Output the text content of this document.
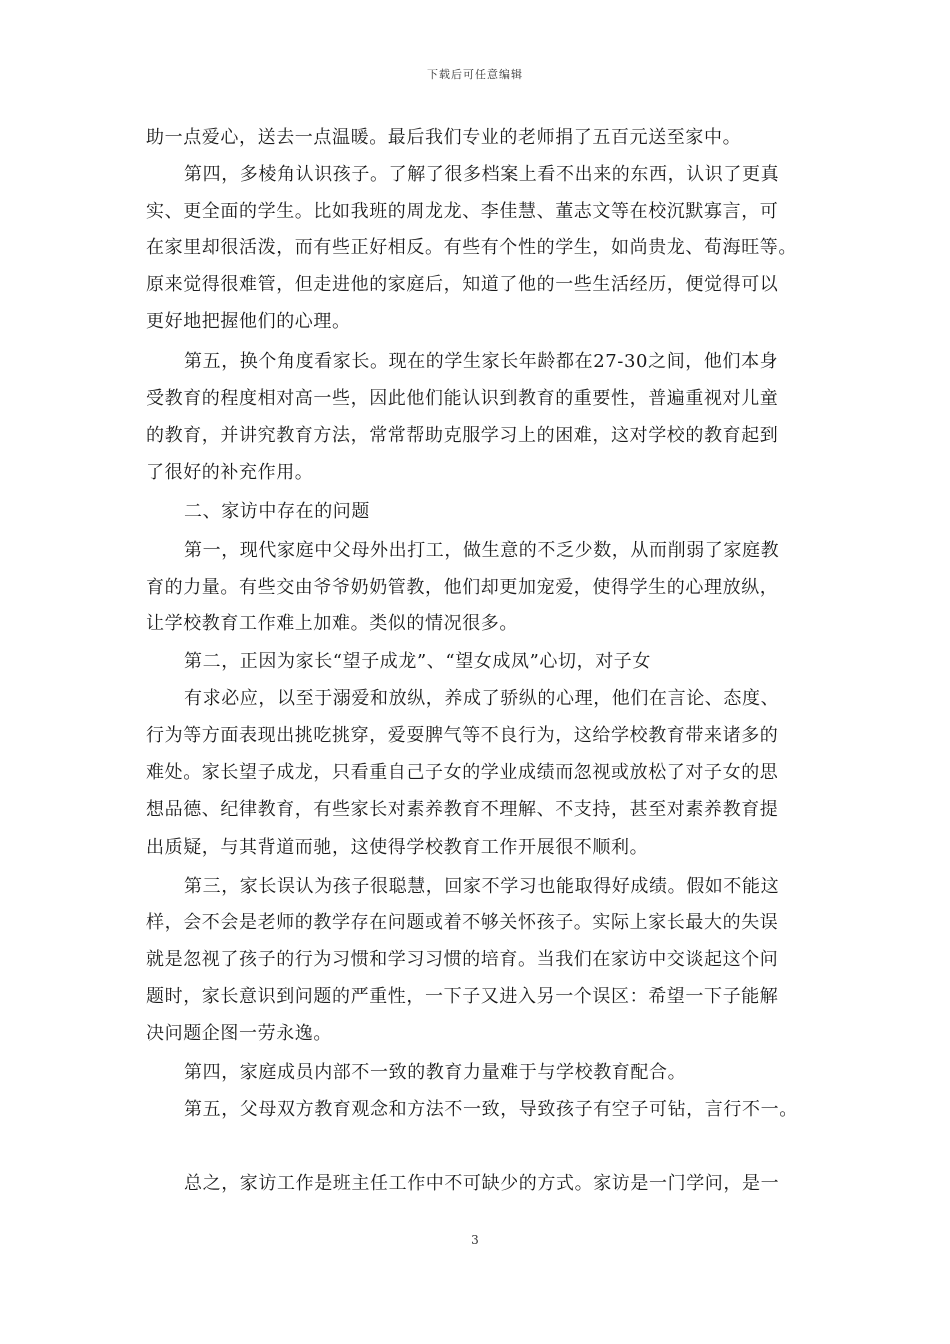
下载后可任意编辑
助一点爱心，送去一点温暖。最后我们专业的老师捐了五百元送至家中。
第四，多棱角认识孩子。了解了很多档案上看不出来的东西，认识了更真
实、更全面的学生。比如我班的周龙龙、李佳慧、董志文等在校沉默寡言，可
在家里却很活泼，而有些正好相反。有些有个性的学生，如尚贵龙、荀海旺等。
原来觉得很难管，但走进他的家庭后，知道了他的一些生活经历，便觉得可以
更好地把握他们的心理。
第五，换个角度看家长。现在的学生家长年龄都在27-30之间，他们本身
受教育的程度相对高一些，因此他们能认识到教育的重要性，普遍重视对儿童
的教育，并讲究教育方法，常常帮助克服学习上的困难，这对学校的教育起到
了很好的补充作用。
二、家访中存在的问题
第一，现代家庭中父母外出打工，做生意的不乏少数，从而削弱了家庭教
育的力量。有些交由爷爷奶奶管教，他们却更加宠爱，使得学生的心理放纵，
让学校教育工作难上加难。类似的情况很多。
第二，正因为家长“望子成龙”、“望女成凤”心切，对子女
有求必应，以至于溺爱和放纵，养成了骄纵的心理，他们在言论、态度、
行为等方面表现出挑吃挑穿，爱耍脾气等不良行为，这给学校教育带来诸多的
难处。家长望子成龙，只看重自己子女的学业成绩而忽视或放松了对子女的思
想品德、纪律教育，有些家长对素养教育不理解、不支持，甚至对素养教育提
出质疑，与其背道而驰，这使得学校教育工作开展很不顺利。
第三，家长误认为孩子很聪慧，回家不学习也能取得好成绩。假如不能这
样，会不会是老师的教学存在问题或着不够关怀孩子。实际上家长最大的失误
就是忽视了孩子的行为习惯和学习习惯的培育。当我们在家访中交谈起这个问
题时，家长意识到问题的严重性，一下子又进入另一个误区：希望一下子能解
决问题企图一劳永逸。
第四，家庭成员内部不一致的教育力量难于与学校教育配合。
第五，父母双方教育观念和方法不一致，导致孩子有空子可钻，言行不一。
总之，家访工作是班主任工作中不可缺少的方式。家访是一门学问，是一
3
